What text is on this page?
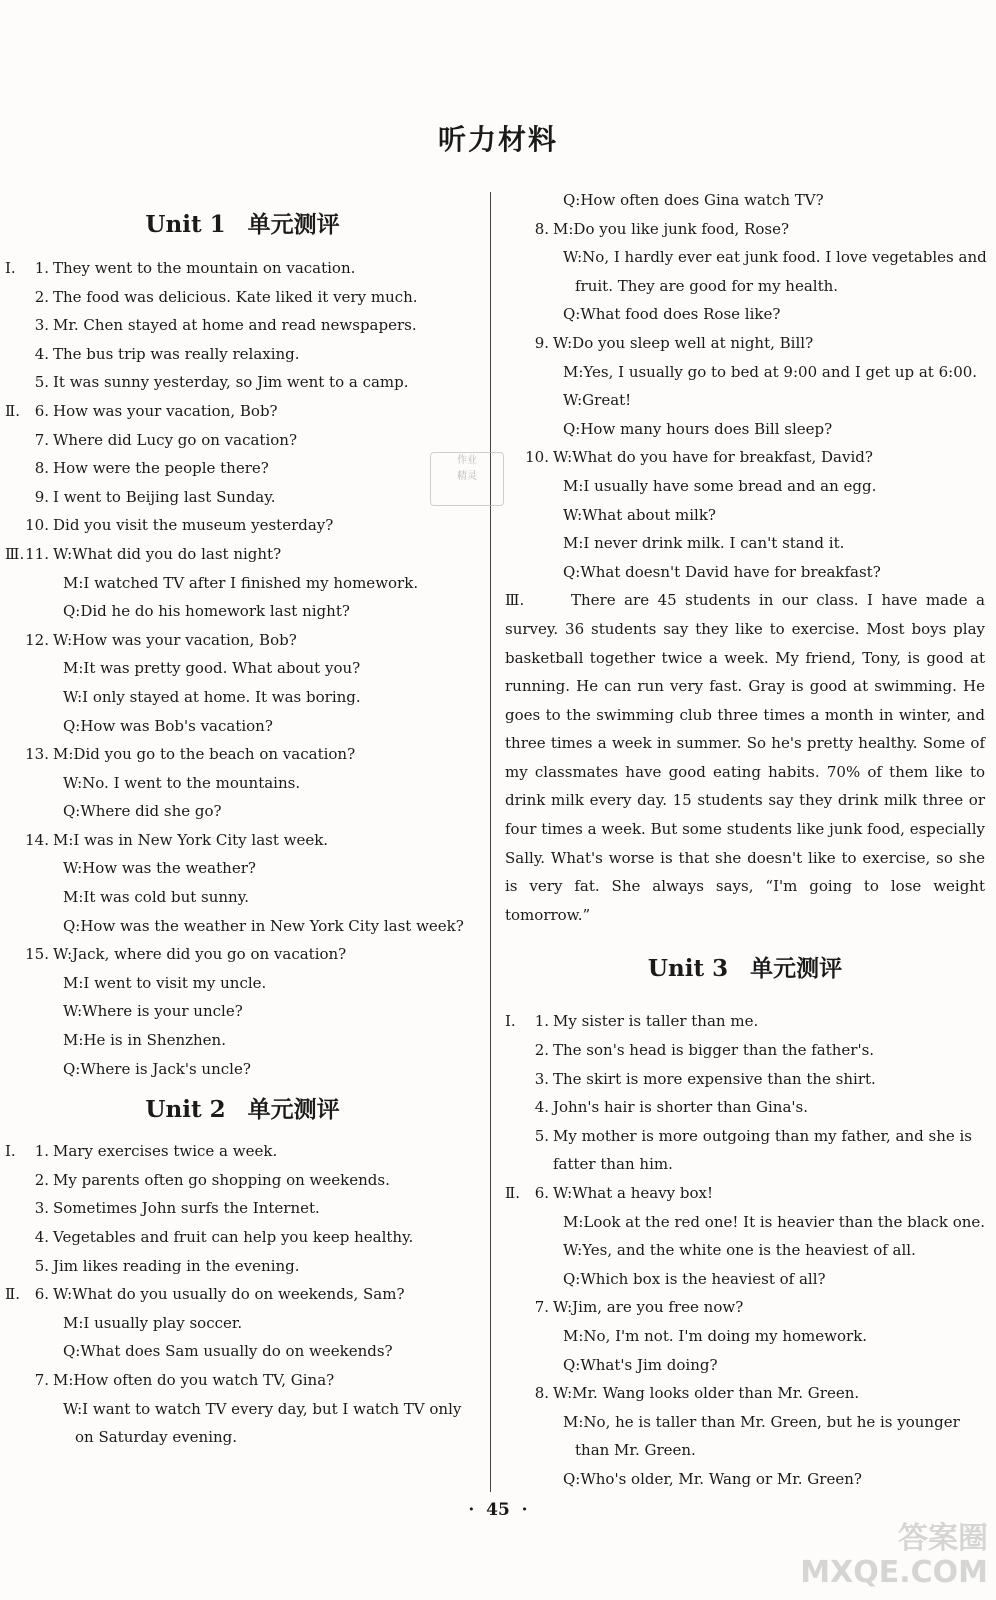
听力材料
Unit 1 单元测评
Ⅰ.	1. They went to the mountain on vacation.
2. The food was delicious. Kate liked it very much.
3. Mr. Chen stayed at home and read newspapers.
4. The bus trip was really relaxing.
5. It was sunny yesterday, so Jim went to a camp.
Ⅱ. 6. How was your vacation, Bob?
7. Where did Lucy go on vacation?
8. How were the people there?
9. I went to Beijing last Sunday.
10. Did you visit the museum yesterday?
Ⅲ. 11. W:What did you do last night?
M:I watched TV after I finished my homework.
Q:Did he do his homework last night?
12. W:How was your vacation, Bob?
M:It was pretty good. What about you?
W:I only stayed at home. It was boring.
Q:How was Bob's vacation?
13. M:Did you go to the beach on vacation?
W:No. I went to the mountains.
Q:Where did she go?
14. M:I was in New York City last week.
W:How was the weather?
M:It was cold but sunny.
Q:How was the weather in New York City last week?
15. W:Jack, where did you go on vacation?
M:I went to visit my uncle.
W:Where is your uncle?
M:He is in Shenzhen.
Q:Where is Jack's uncle?
Unit 2 单元测评
Ⅰ.	1. Mary exercises twice a week.
2. My parents often go shopping on weekends.
3. Sometimes John surfs the Internet.
4. Vegetables and fruit can help you keep healthy.
5. Jim likes reading in the evening.
Ⅱ. 6. W:What do you usually do on weekends, Sam?
M:I usually play soccer.
Q:What does Sam usually do on weekends?
7. M:How often do you watch TV, Gina?
W:I want to watch TV every day, but I watch TV only
on Saturday evening.
Q:How often does Gina watch TV?
8. M:Do you like junk food, Rose?
W:No, I hardly ever eat junk food. I love vegetables and
fruit. They are good for my health.
Q:What food does Rose like?
9. W:Do you sleep well at night, Bill?
M:Yes, I usually go to bed at 9:00 and I get up at 6:00.
W:Great!
Q:How many hours does Bill sleep?
10. W:What do you have for breakfast, David?
M:I usually have some bread and an egg.
W:What about milk?
M:I never drink milk. I can't stand it.
Q:What doesn't David have for breakfast?
Ⅲ.	There are 45 students in our class. I have made a survey. 36 students say they like to exercise. Most boys play basketball together twice a week. My friend, Tony, is good at running. He can run very fast. Gray is good at swimming. He goes to the swimming club three times a month in winter, and three times a week in summer. So he's pretty healthy. Some of my classmates have good eating habits. 70% of them like to drink milk every day. 15 students say they drink milk three or four times a week. But some students like junk food, especially Sally. What's worse is that she doesn't like to exercise, so she is very fat. She always says, “I'm going to lose weight tomorrow.”

Unit 3 单元测评
Ⅰ.	1. My sister is taller than me.
2. The son's head is bigger than the father's.
3. The skirt is more expensive than the shirt.
4. John's hair is shorter than Gina's.
5. My mother is more outgoing than my father, and she is
fatter than him.
Ⅱ. 6. W:What a heavy box!
M:Look at the red one! It is heavier than the black one.
W:Yes, and the white one is the heaviest of all.
Q:Which box is the heaviest of all?
7. W:Jim, are you free now?
M:No, I'm not. I'm doing my homework.
Q:What's Jim doing?
8. W:Mr. Wang looks older than Mr. Green.
M:No, he is taller than Mr. Green, but he is younger
than Mr. Green.
Q:Who's older, Mr. Wang or Mr. Green?
作业
精灵
·  45  ·
答案圈
MXQE.COM
